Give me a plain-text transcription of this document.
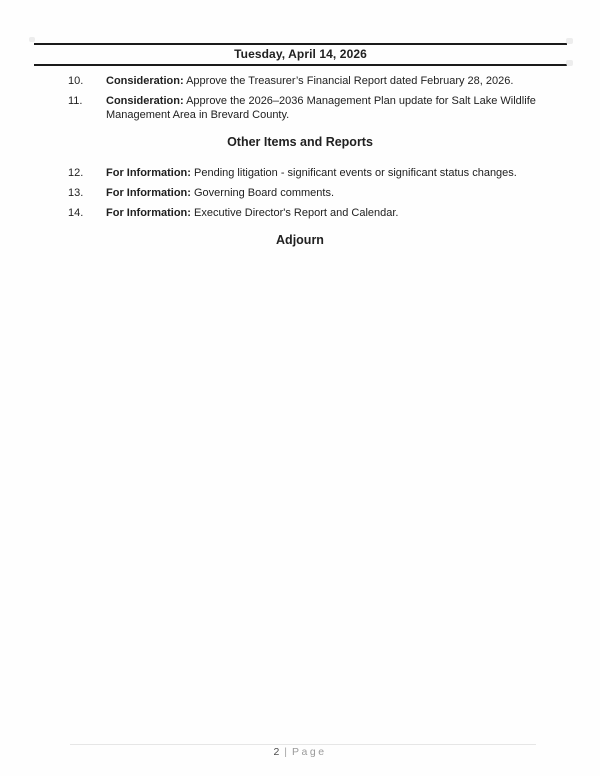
Tuesday, April 14, 2026
10.	Consideration: Approve the Treasurer’s Financial Report dated February 28, 2026.
11.	Consideration: Approve the 2026–2036 Management Plan update for Salt Lake Wildlife Management Area in Brevard County.
Other Items and Reports
12.	For Information: Pending litigation - significant events or significant status changes.
13.	For Information: Governing Board comments.
14.	For Information: Executive Director's Report and Calendar.
Adjourn
2 | Page
